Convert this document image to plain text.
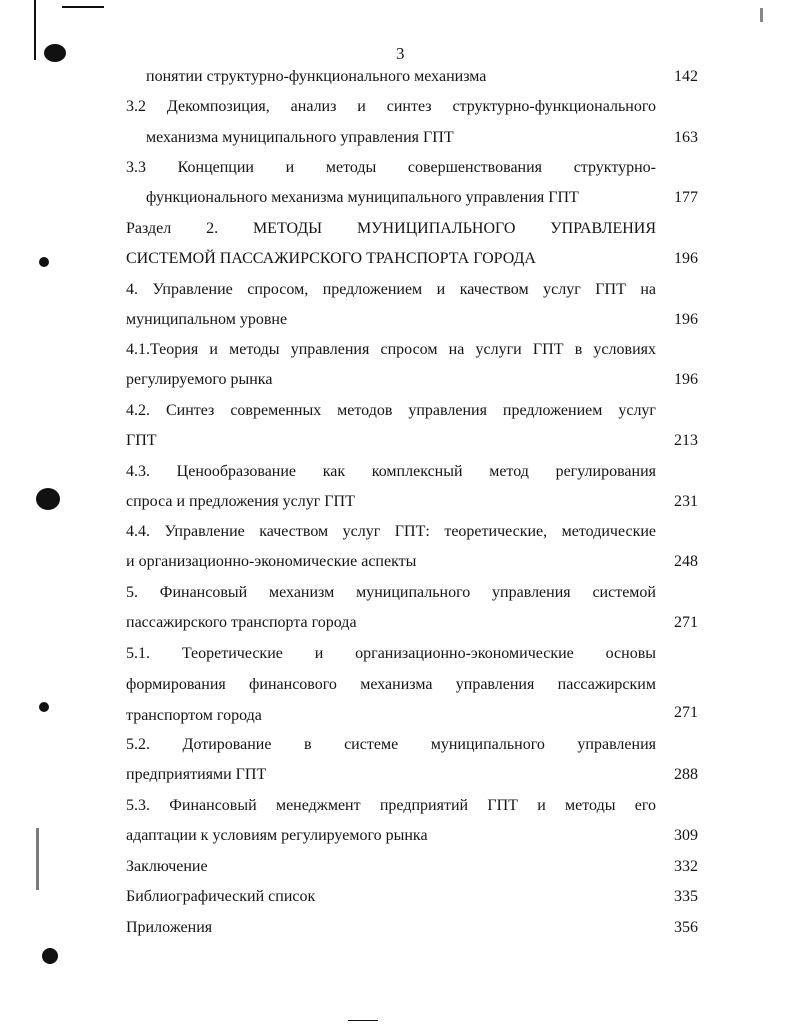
3
понятии структурно-функционального механизма	142
3.2 Декомпозиция, анализ и синтез структурно-функционального
механизма муниципального управления ГПТ	163
3.3 Концепции и методы совершенствования структурно-
функционального механизма муниципального управления ГПТ	177
Раздел 2. МЕТОДЫ МУНИЦИПАЛЬНОГО УПРАВЛЕНИЯ
СИСТЕМОЙ ПАССАЖИРСКОГО ТРАНСПОРТА ГОРОДА	196
4. Управление спросом, предложением и качеством услуг ГПТ на
муниципальном уровне	196
4.1.Теория и методы управления спросом на услуги ГПТ в условиях
регулируемого рынка	196
4.2. Синтез современных методов управления предложением услуг
ГПТ	213
4.3. Ценообразование как комплексный метод регулирования
спроса и предложения услуг ГПТ	231
4.4. Управление качеством услуг ГПТ: теоретические, методические
и организационно-экономические аспекты	248
5. Финансовый механизм муниципального управления системой
пассажирского транспорта города	271
5.1. Теоретические и организационно-экономические основы
формирования финансового механизма управления пассажирским
транспортом города	271
5.2. Дотирование в системе муниципального управления
предприятиями ГПТ	288
5.3. Финансовый менеджмент предприятий ГПТ и методы его
адаптации к условиям регулируемого рынка	309
Заключение	332
Библиографический список	335
Приложения	356
